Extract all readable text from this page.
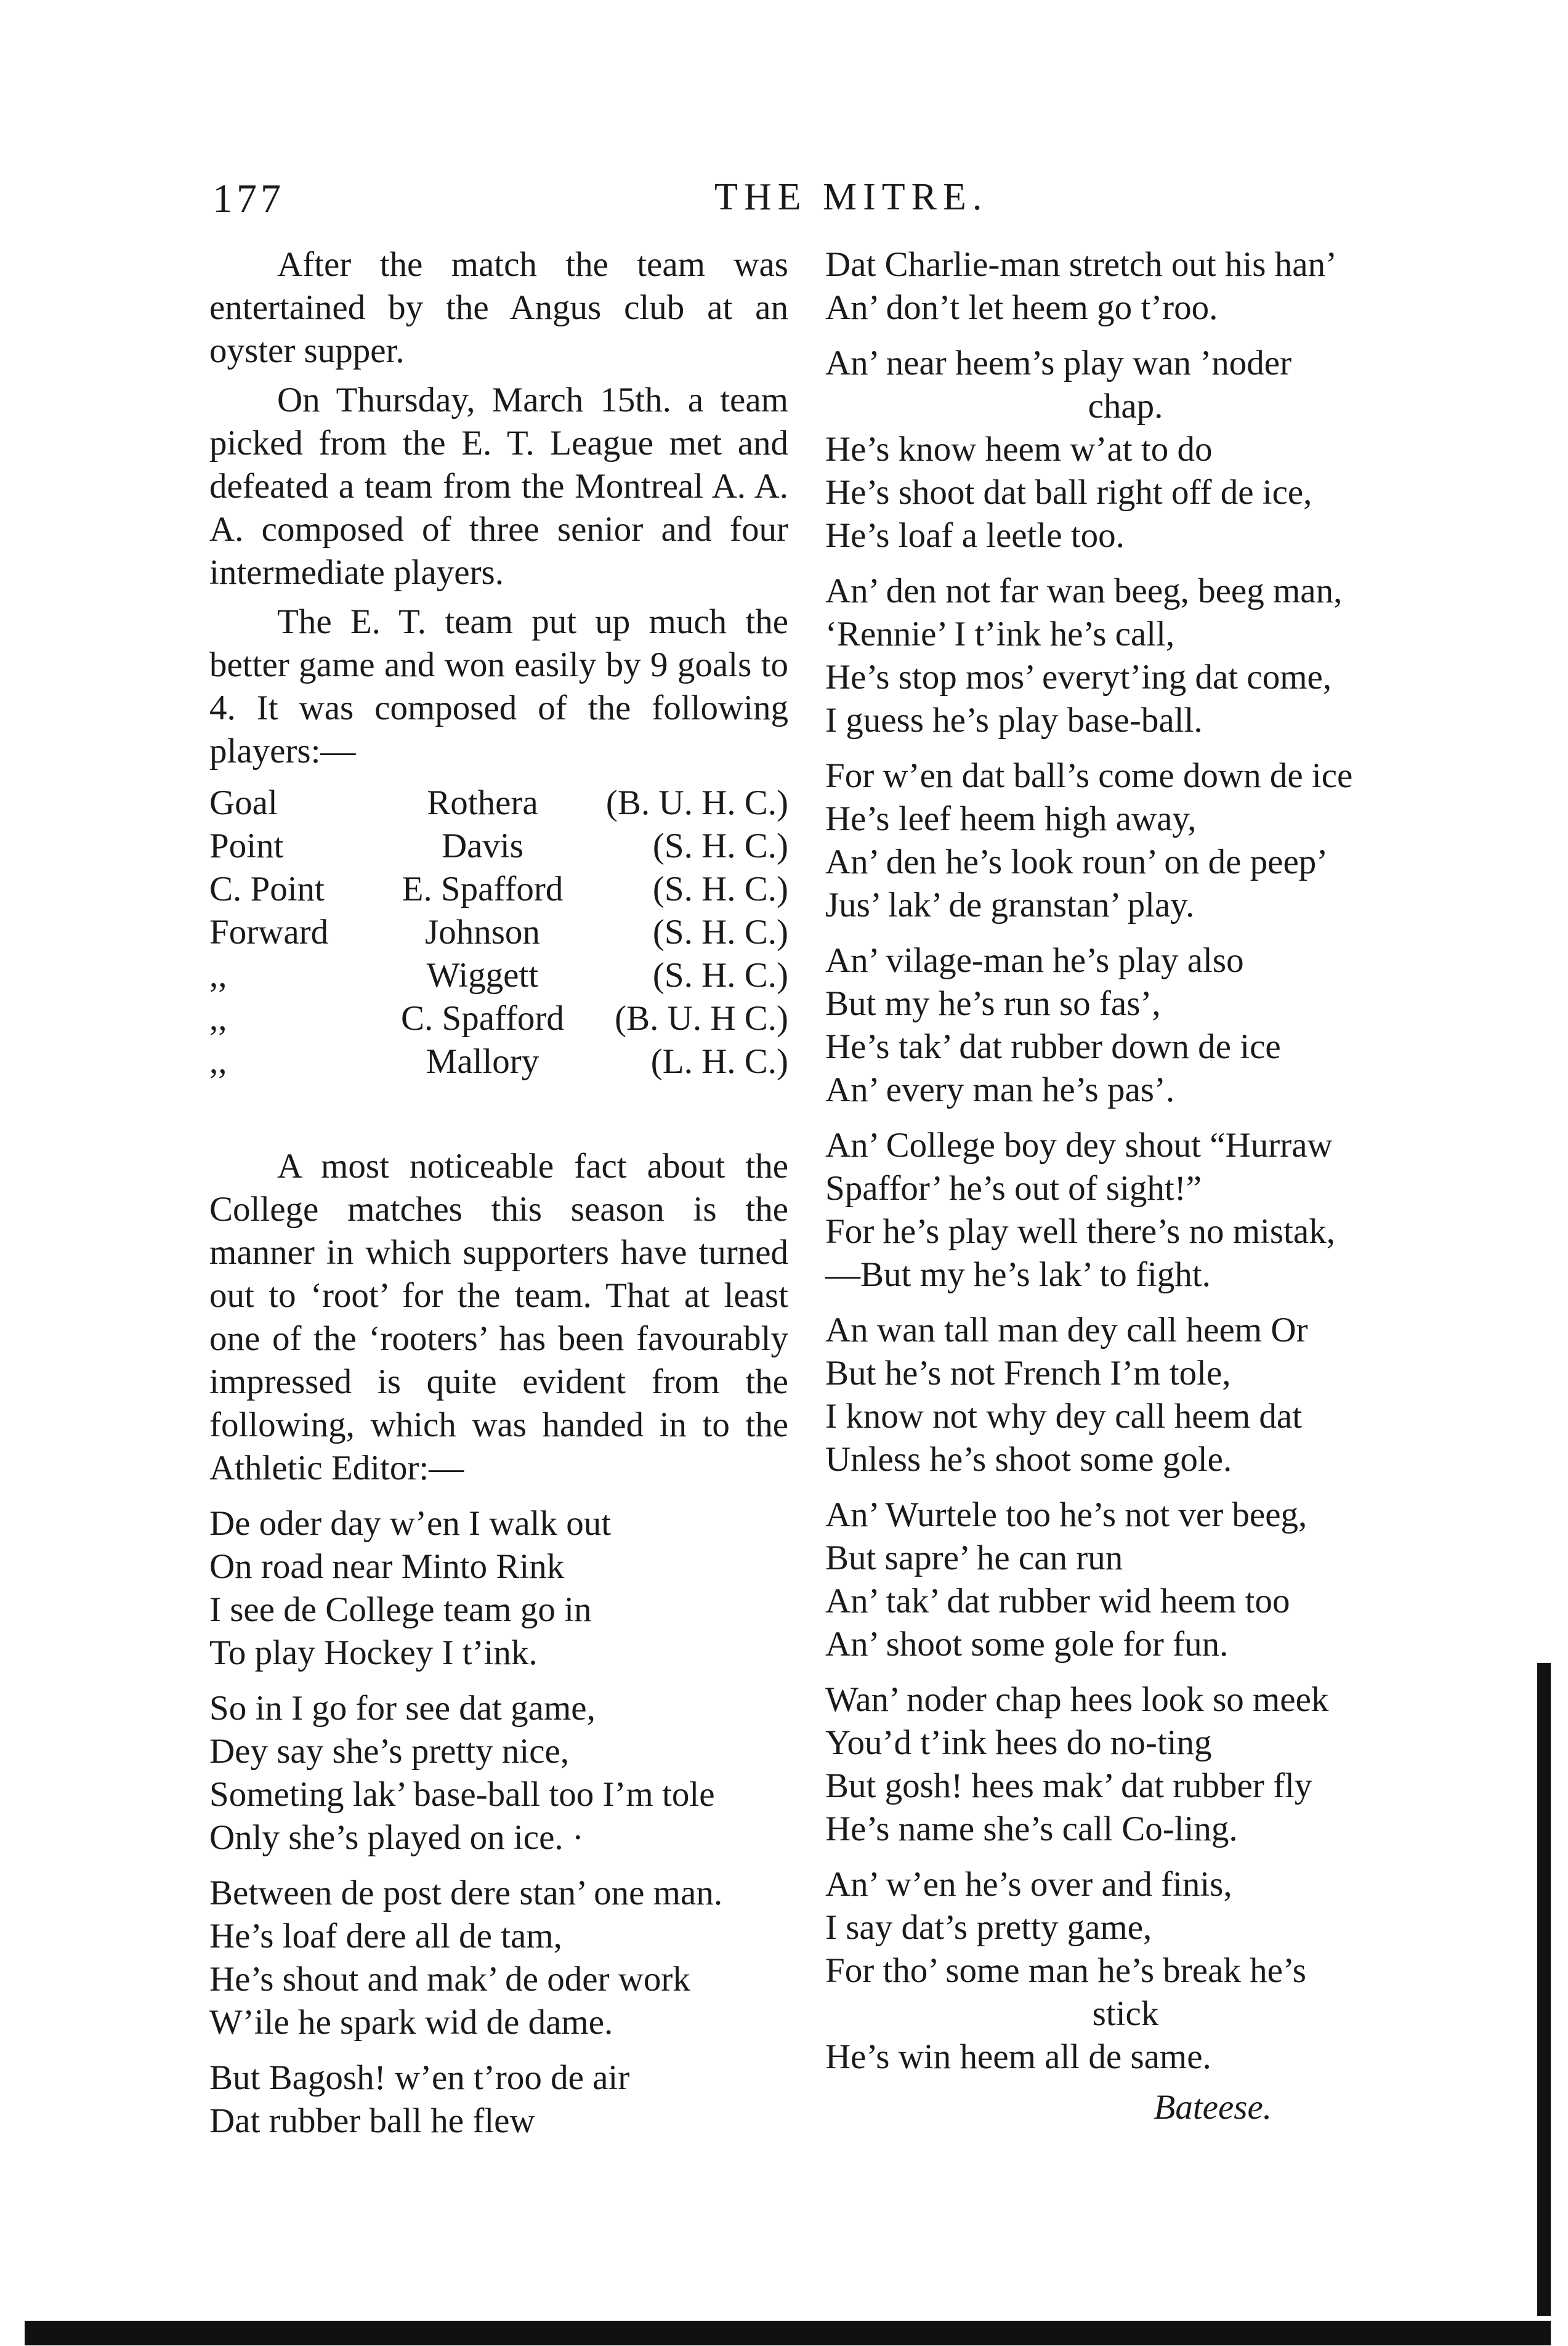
177	THE MITRE.

After the match the team was entertained by the Angus club at an oyster supper.

On Thursday, March 15th. a team picked from the E. T. League met and defeated a team from the Montreal A. A. A. composed of three senior and four intermediate players.

The E. T. team put up much the better game and won easily by 9 goals to 4. It was composed of the following players:—

Goal	Rothera	(B. U. H. C.)
Point	Davis	(S. H. C.)
C. Point	E. Spafford	(S. H. C.)
Forward	Johnson	(S. H. C.)
,,	Wiggett	(S. H. C.)
,,	C. Spafford	(B. U. H C.)
,,	Mallory	(L. H. C.)

A most noticeable fact about the College matches this season is the manner in which supporters have turned out to ‘root’ for the team. That at least one of the ‘rooters’ has been favourably impressed is quite evident from the following, which was handed in to the Athletic Editor:—

De oder day w’en I walk out
On road near Minto Rink
I see de College team go in
To play Hockey I t’ink.
So in I go for see dat game,
Dey say she’s pretty nice,
Someting lak’ base-ball too I’m tole
Only she’s played on ice. ·
Between de post dere stan’ one man.
He’s loaf dere all de tam,
He’s shout and mak’ de oder work
W’ile he spark wid de dame.
But Bagosh! w’en t’roo de air
Dat rubber ball he flew
Dat Charlie-man stretch out his han’
An’ don’t let heem go t’roo.
An’ near heem’s play wan ’noder
chap.
He’s know heem w’at to do
He’s shoot dat ball right off de ice,
He’s loaf a leetle too.
An’ den not far wan beeg, beeg man,
‘Rennie’ I t’ink he’s call,
He’s stop mos’ everyt’ing dat come,
I guess he’s play base-ball.
For w’en dat ball’s come down de ice
He’s leef heem high away,
An’ den he’s look roun’ on de peep’
Jus’ lak’ de granstan’ play.
An’ vilage-man he’s play also
But my he’s run so fas’,
He’s tak’ dat rubber down de ice
An’ every man he’s pas’.
An’ College boy dey shout “Hurraw
Spaffor’ he’s out of sight!”
For he’s play well there’s no mistak,
—But my he’s lak’ to fight.
An wan tall man dey call heem Or
But he’s not French I’m tole,
I know not why dey call heem dat
Unless he’s shoot some gole.
An’ Wurtele too he’s not ver beeg,
But sapre’ he can run
An’ tak’ dat rubber wid heem too
An’ shoot some gole for fun.
Wan’ noder chap hees look so meek
You’d t’ink hees do no-ting
But gosh! hees mak’ dat rubber fly
He’s name she’s call Co-ling.
An’ w’en he’s over and finis,
I say dat’s pretty game,
For tho’ some man he’s break he’s
stick
He’s win heem all de same.

Bateese.
